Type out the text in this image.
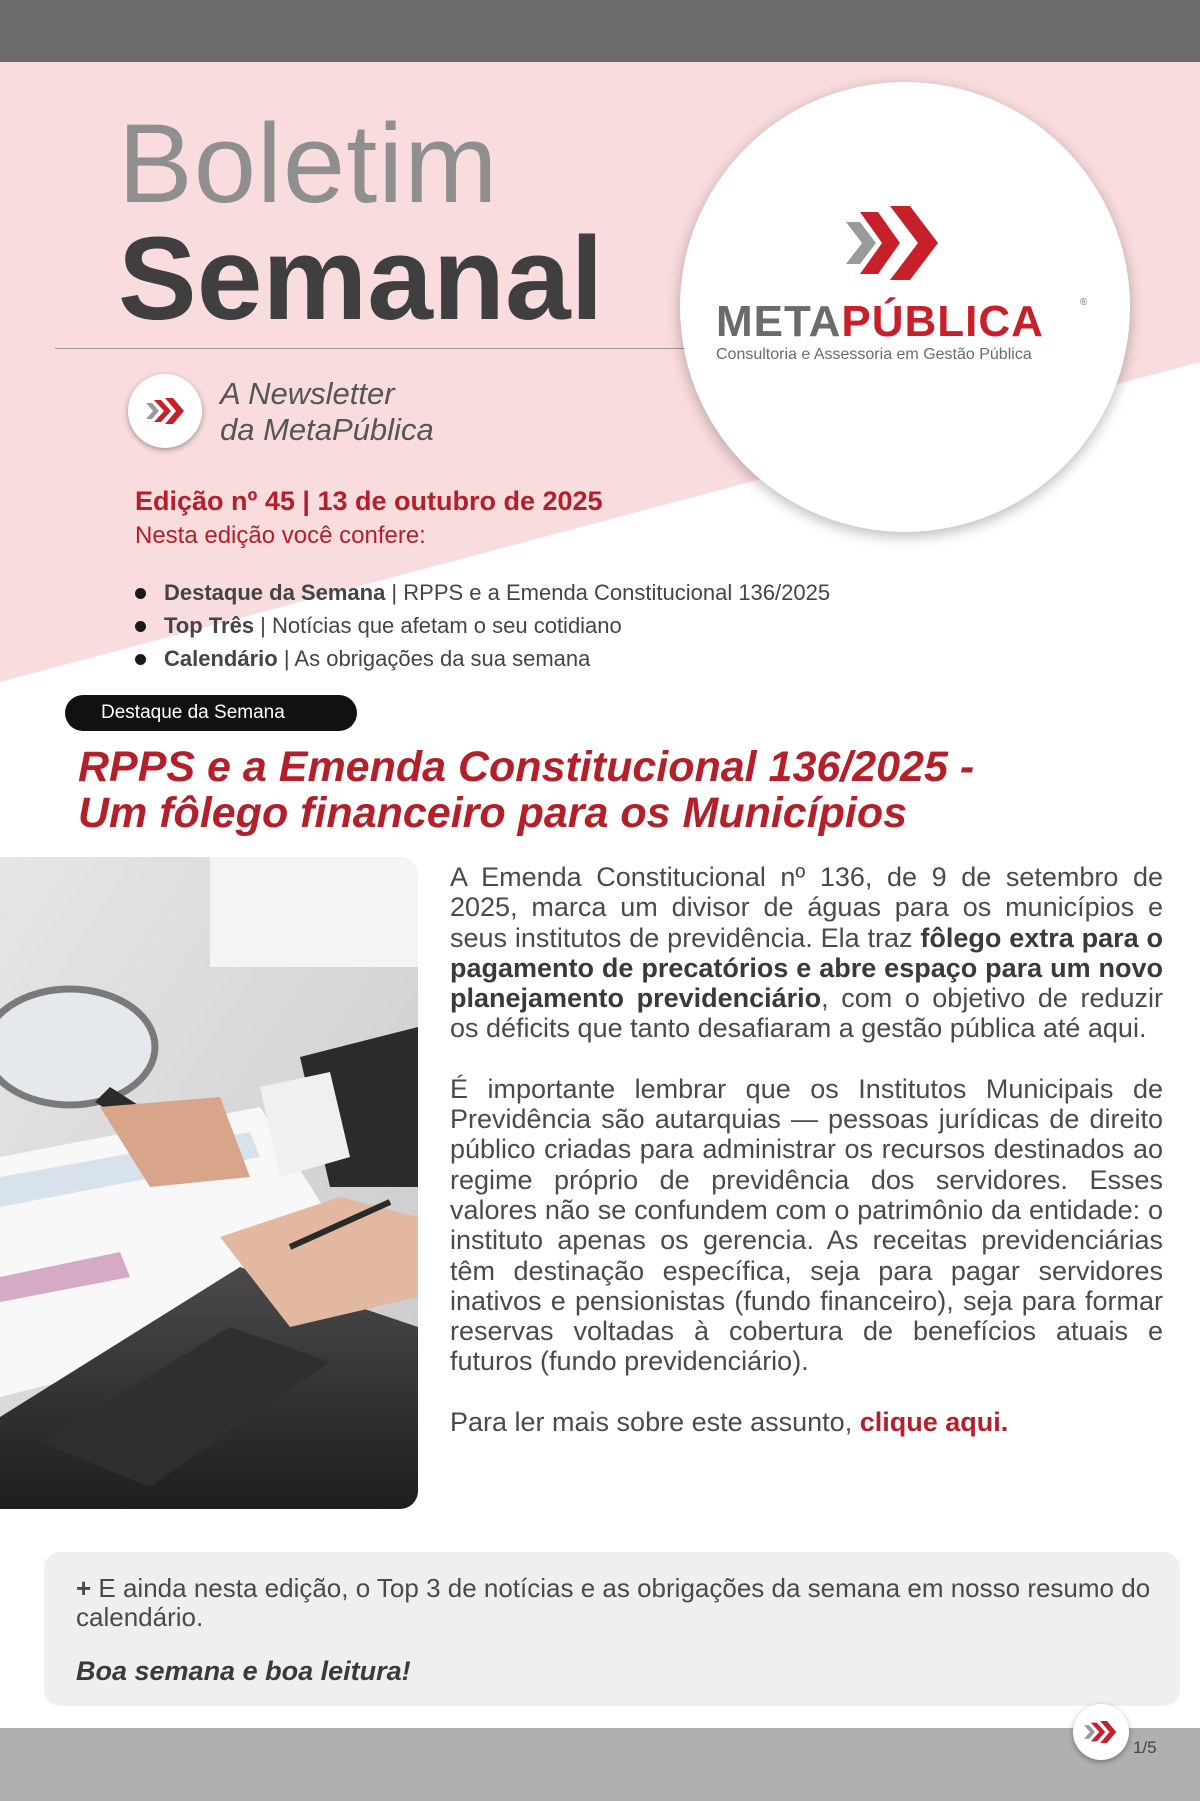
Boletim
Semanal	METAPÚBLICA	®
Consultoria e Assessoria em Gestão Pública
A Newsletter
da MetaPública
Edição nº 45 | 13 de outubro de 2025
Nesta edição você confere:
Destaque da Semana | RPPS e a Emenda Constitucional 136/2025
Top Três | Notícias que afetam o seu cotidiano
Calendário | As obrigações da sua semana
Destaque da Semana
RPPS e a Emenda Constitucional 136/2025 -
Um fôlego financeiro para os Municípios

A Emenda Constitucional nº 136, de 9 de setembro de 2025, marca um divisor de águas para os municípios e seus institutos de previdência. Ela traz fôlego extra para o pagamento de precatórios e abre espaço para um novo planejamento previdenciário, com o objetivo de reduzir os déficits que tanto desafiaram a gestão pública até aqui.

É importante lembrar que os Institutos Municipais de Previdência são autarquias — pessoas jurídicas de direito público criadas para administrar os recursos destinados ao regime próprio de previdência dos servidores. Esses valores não se confundem com o patrimônio da entidade: o instituto apenas os gerencia. As receitas previdenciárias têm destinação específica, seja para pagar servidores inativos e pensionistas (fundo financeiro), seja para formar reservas voltadas à cobertura de benefícios atuais e futuros (fundo previdenciário).

Para ler mais sobre este assunto, clique aqui.

+ E ainda nesta edição, o Top 3 de notícias e as obrigações da semana em nosso resumo do calendário.
Boa semana e boa leitura!
1/5
